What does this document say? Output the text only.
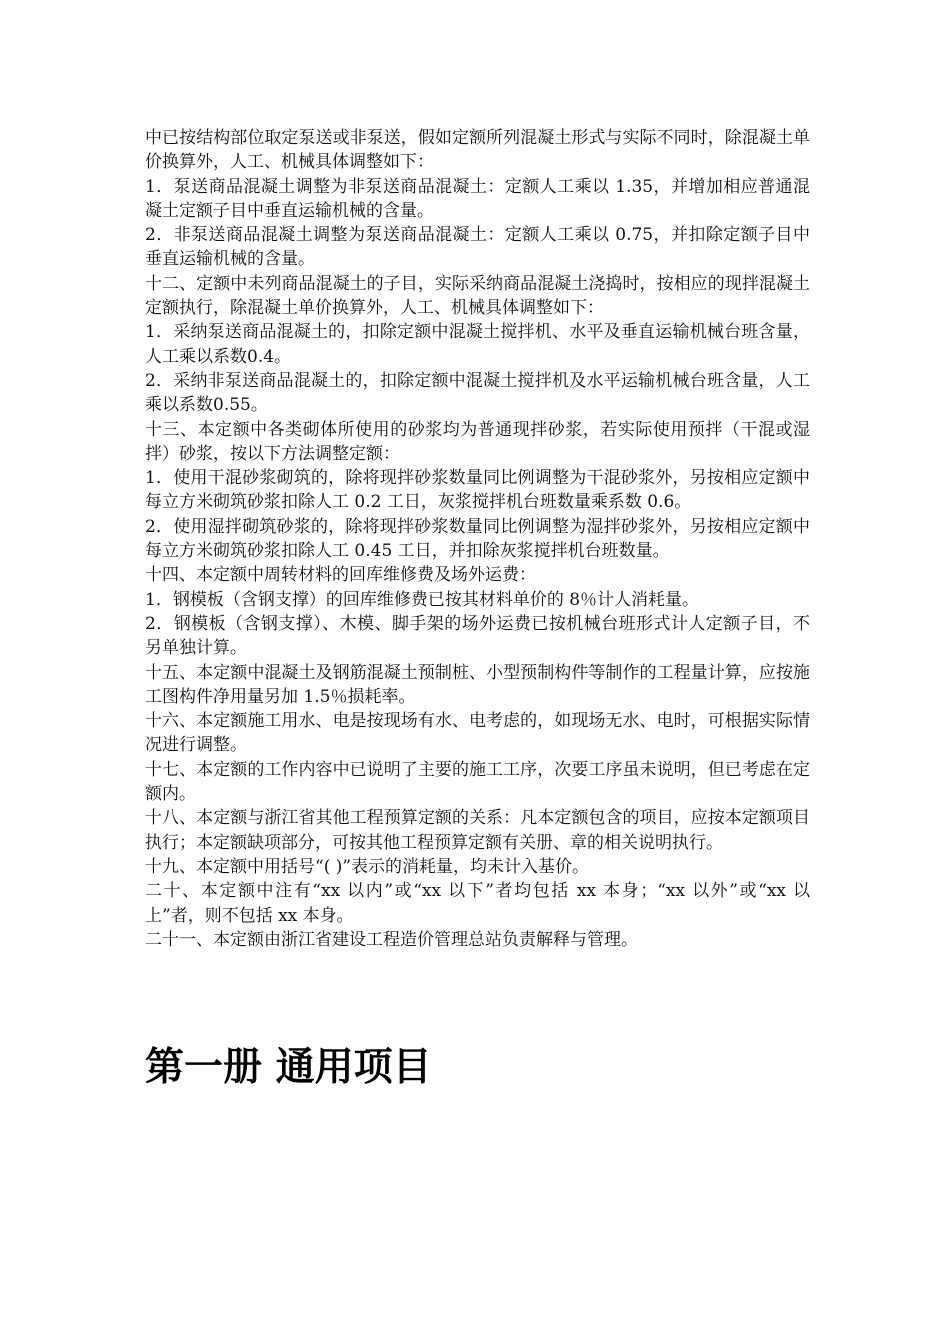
中已按结构部位取定泵送或非泵送，假如定额所列混凝土形式与实际不同时，除混凝土单价换算外，人工、机械具体调整如下：

1．泵送商品混凝土调整为非泵送商品混凝土：定额人工乘以 1.35，并增加相应普通混凝土定额子目中垂直运输机械的含量。

2．非泵送商品混凝土调整为泵送商品混凝土：定额人工乘以 0.75，并扣除定额子目中垂直运输机械的含量。

十二、定额中未列商品混凝土的子目，实际采纳商品混凝土浇捣时，按相应的现拌混凝土定额执行，除混凝土单价换算外，人工、机械具体调整如下：

1．采纳泵送商品混凝土的，扣除定额中混凝土搅拌机、水平及垂直运输机械台班含量，人工乘以系数0.4。

2．采纳非泵送商品混凝土的，扣除定额中混凝土搅拌机及水平运输机械台班含量，人工乘以系数0.55。

十三、本定额中各类砌体所使用的砂浆均为普通现拌砂浆，若实际使用预拌（干混或湿拌）砂浆，按以下方法调整定额：

1．使用干混砂浆砌筑的，除将现拌砂浆数量同比例调整为干混砂浆外，另按相应定额中每立方米砌筑砂浆扣除人工 0.2 工日，灰浆搅拌机台班数量乘系数 0.6。

2．使用湿拌砌筑砂浆的，除将现拌砂浆数量同比例调整为湿拌砂浆外，另按相应定额中每立方米砌筑砂浆扣除人工 0.45 工日，并扣除灰浆搅拌机台班数量。

十四、本定额中周转材料的回库维修费及场外运费：

1．钢模板（含钢支撑）的回库维修费已按其材料单价的 8％计人消耗量。

2．钢模板（含钢支撑）、木模、脚手架的场外运费已按机械台班形式计人定额子目，不另单独计算。

十五、本定额中混凝土及钢筋混凝土预制桩、小型预制构件等制作的工程量计算，应按施工图构件净用量另加 1.5％损耗率。

十六、本定额施工用水、电是按现场有水、电考虑的，如现场无水、电时，可根据实际情况进行调整。

十七、本定额的工作内容中已说明了主要的施工工序，次要工序虽未说明，但已考虑在定额内。

十八、本定额与浙江省其他工程预算定额的关系：凡本定额包含的项目，应按本定额项目执行；本定额缺项部分，可按其他工程预算定额有关册、章的相关说明执行。

十九、本定额中用括号“( )”表示的消耗量，均未计入基价。

二十、本定额中注有“xx 以内”或“xx 以下”者均包括 xx 本身；“xx 以外”或“xx 以上”者，则不包括 xx 本身。

二十一、本定额由浙江省建设工程造价管理总站负责解释与管理。

第一册 通用项目
